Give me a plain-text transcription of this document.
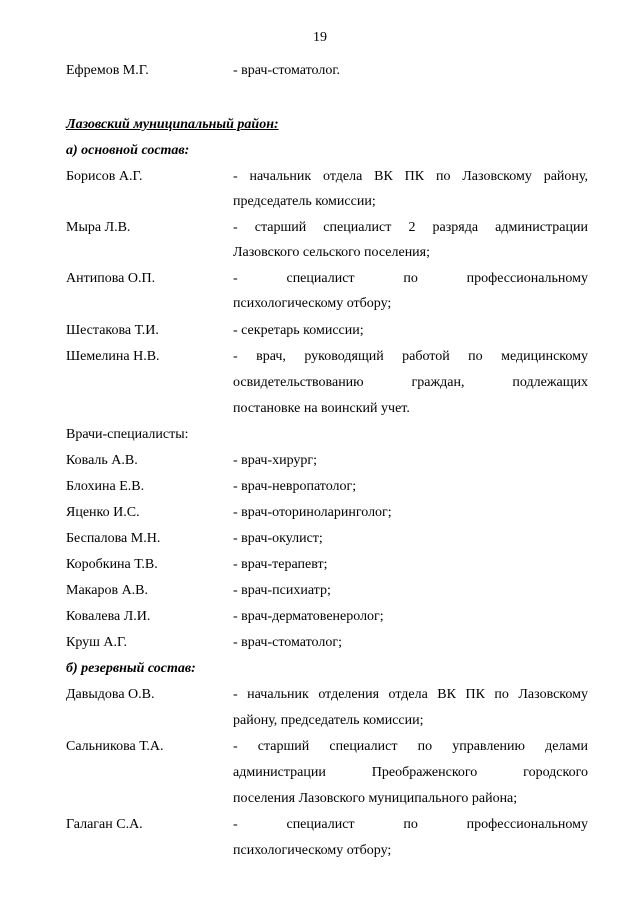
19
Ефремов М.Г.	- врач-стоматолог.
Лазовский муниципальный район:
а) основной состав:
Борисов А.Г.	- начальник отдела ВК ПК по Лазовскому району,
председатель комиссии;
Мыра Л.В.	- старший специалист 2 разряда администрации
Лазовского сельского поселения;
Антипова О.П.	- специалист по профессиональному
психологическому отбору;
Шестакова Т.И.	- секретарь комиссии;
Шемелина Н.В.	- врач, руководящий работой по медицинскому
освидетельствованию граждан, подлежащих
постановке на воинский учет.
Врачи-специалисты:
Коваль А.В.	- врач-хирург;
Блохина Е.В.	- врач-невропатолог;
Яценко И.С.	- врач-оториноларинголог;
Беспалова М.Н.	- врач-окулист;
Коробкина Т.В.	- врач-терапевт;
Макаров А.В.	- врач-психиатр;
Ковалева Л.И.	- врач-дерматовенеролог;
Круш А.Г.	- врач-стоматолог;
б) резервный состав:
Давыдова О.В.	- начальник отделения отдела ВК ПК по Лазовскому
району, председатель комиссии;
Сальникова Т.А.	- старший специалист по управлению делами
администрации Преображенского городского
поселения Лазовского муниципального района;
Галаган С.А.	- специалист по профессиональному
психологическому отбору;
